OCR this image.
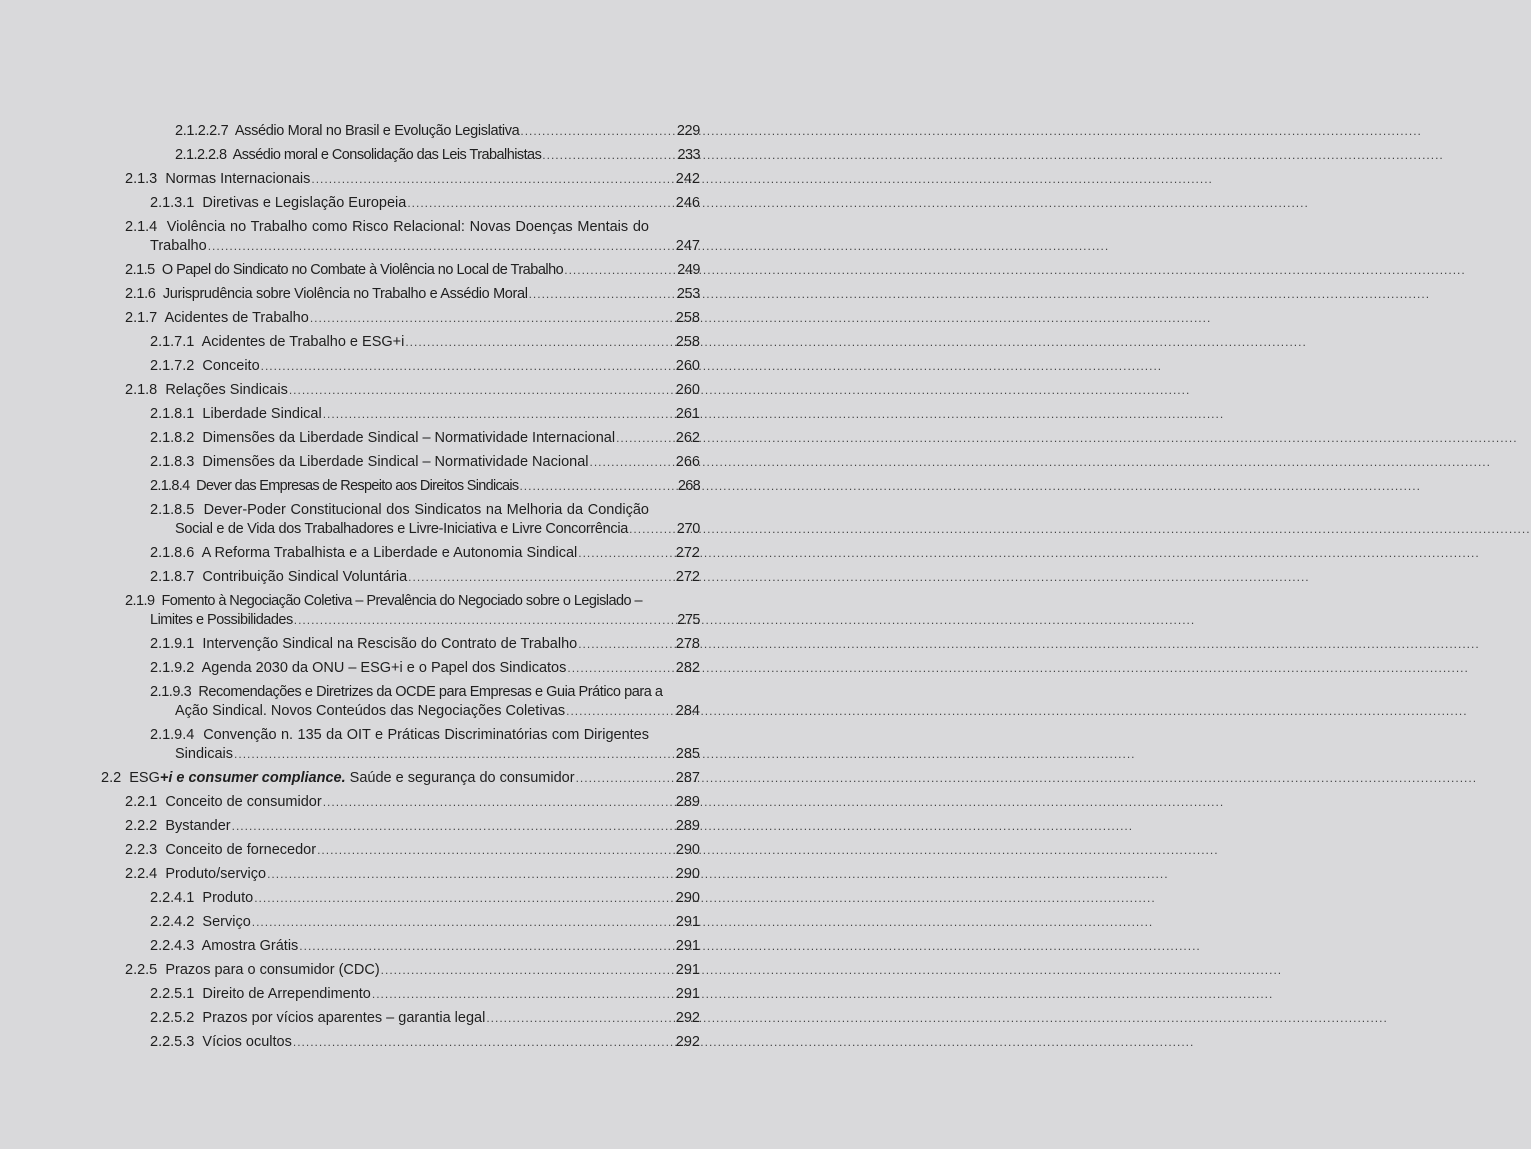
2.1.2.2.7 Assédio Moral no Brasil e Evolução Legislativa .....	229
2.1.2.2.8 Assédio moral e Consolidação das Leis Trabalhistas .....	233
2.1.3 Normas Internacionais .....	242
2.1.3.1 Diretivas e Legislação Europeia .....	246
2.1.4 Violência no Trabalho como Risco Relacional: Novas Doenças Mentais do
Trabalho .....	247
2.1.5 O Papel do Sindicato no Combate à Violência no Local de Trabalho .....	249
2.1.6 Jurisprudência sobre Violência no Trabalho e Assédio Moral .....	253
2.1.7 Acidentes de Trabalho .....	258
2.1.7.1 Acidentes de Trabalho e ESG+i .....	258
2.1.7.2 Conceito .....	260
2.1.8 Relações Sindicais .....	260
2.1.8.1 Liberdade Sindical .....	261
2.1.8.2 Dimensões da Liberdade Sindical – Normatividade Internacional .....	262
2.1.8.3 Dimensões da Liberdade Sindical – Normatividade Nacional .....	266
2.1.8.4 Dever das Empresas de Respeito aos Direitos Sindicais .....	268
2.1.8.5 Dever-Poder Constitucional dos Sindicatos na Melhoria da Condição
Social e de Vida dos Trabalhadores e Livre-Iniciativa e Livre Concorrência .....	270
2.1.8.6 A Reforma Trabalhista e a Liberdade e Autonomia Sindical .....	272
2.1.8.7 Contribuição Sindical Voluntária .....	272
2.1.9 Fomento à Negociação Coletiva – Prevalência do Negociado sobre o Legislado –
Limites e Possibilidades .....	275
2.1.9.1 Intervenção Sindical na Rescisão do Contrato de Trabalho .....	278
2.1.9.2 Agenda 2030 da ONU – ESG+i e o Papel dos Sindicatos .....	282
2.1.9.3 Recomendações e Diretrizes da OCDE para Empresas e Guia Prático para a
Ação Sindical. Novos Conteúdos das Negociações Coletivas .....	284
2.1.9.4 Convenção n. 135 da OIT e Práticas Discriminatórias com Dirigentes
Sindicais .....	285
2.2 ESG+i e consumer compliance. Saúde e segurança do consumidor .....	287
2.2.1 Conceito de consumidor .....	289
2.2.2 Bystander .....	289
2.2.3 Conceito de fornecedor .....	290
2.2.4 Produto/serviço .....	290
2.2.4.1 Produto .....	290
2.2.4.2 Serviço .....	291
2.2.4.3 Amostra Grátis .....	291
2.2.5 Prazos para o consumidor (CDC) .....	291
2.2.5.1 Direito de Arrependimento .....	291
2.2.5.2 Prazos por vícios aparentes – garantia legal .....	292
2.2.5.3 Vícios ocultos .....	292
